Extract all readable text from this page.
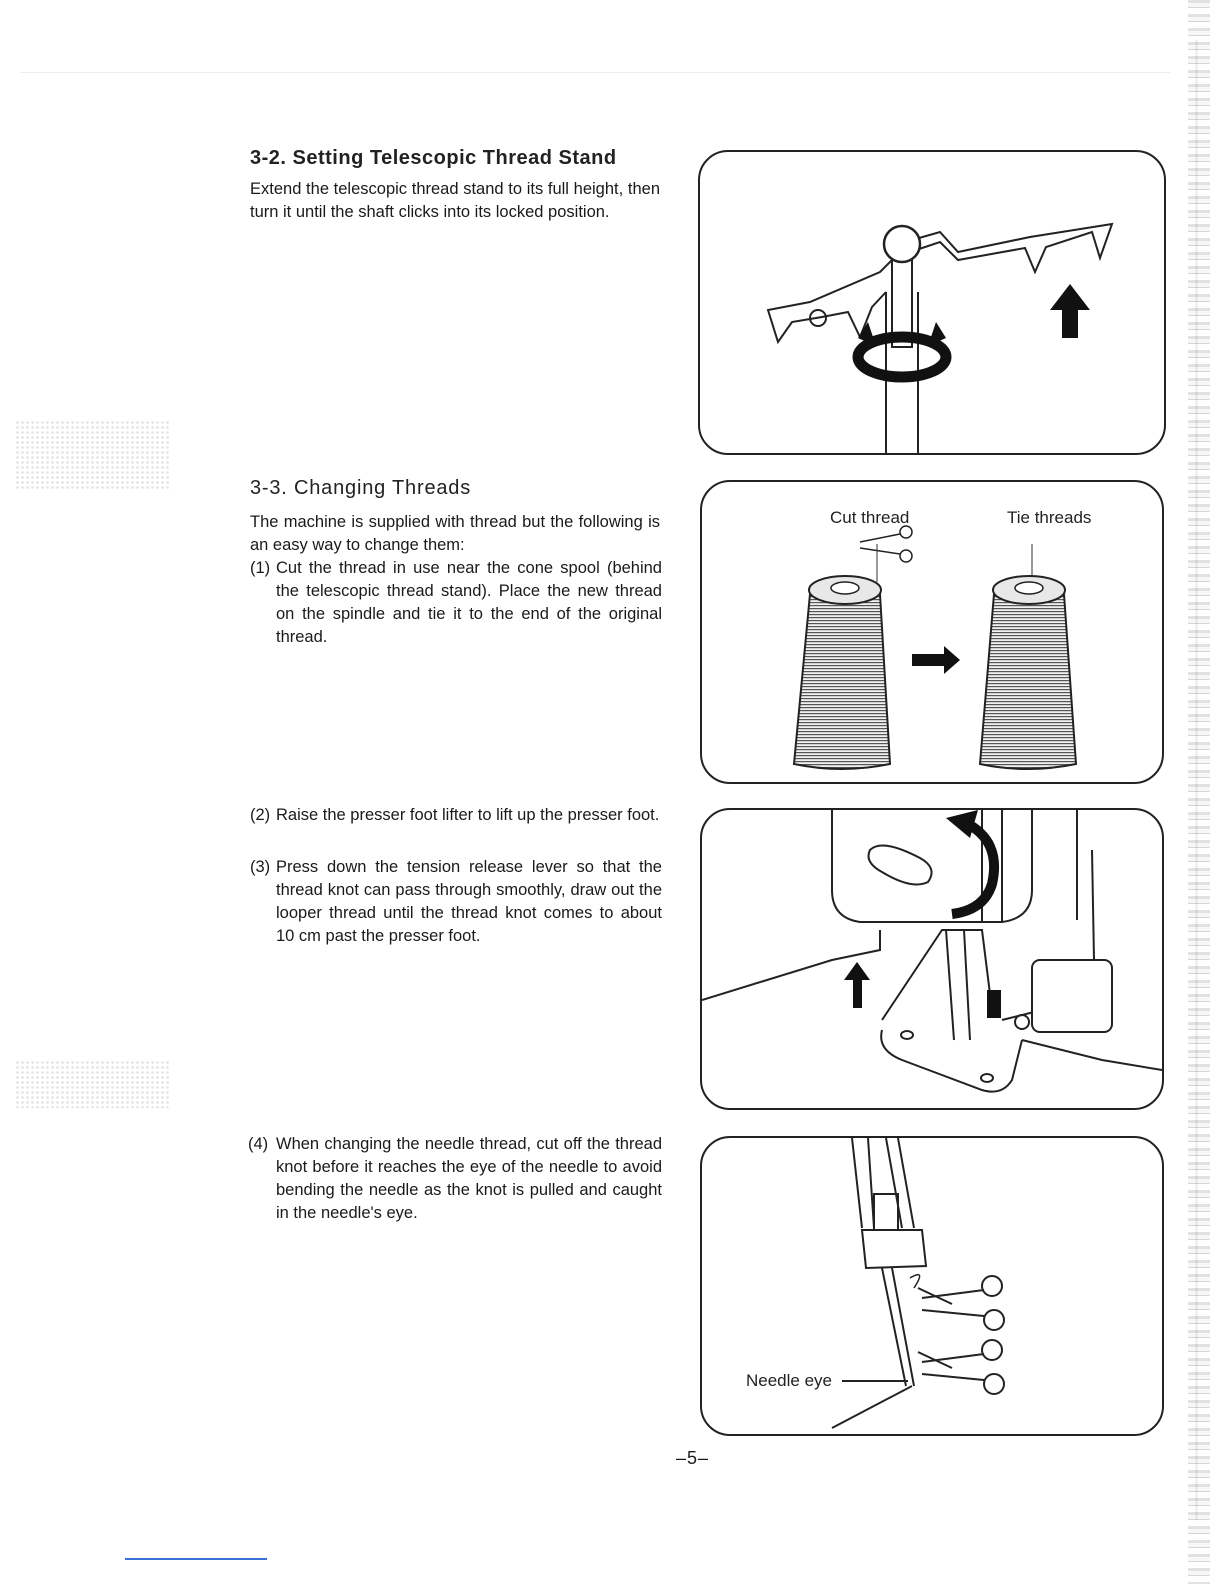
3-2. Setting Telescopic Thread Stand

Extend the telescopic thread stand to its full height, then turn it until the shaft clicks into its locked position.

3-3. Changing Threads

The machine is supplied with thread but the following is an easy way to change them:

(1) Cut the thread in use near the cone spool (behind the telescopic thread stand). Place the new thread on the spindle and tie it to the end of the original thread.
(2) Raise the presser foot lifter to lift up the presser foot.
(3) Press down the tension release lever so that the thread knot can pass through smoothly, draw out the looper thread until the thread knot comes to about 10 cm past the presser foot.
(4) When changing the needle thread, cut off the thread knot before it reaches the eye of the needle to avoid bending the needle as the knot is pulled and caught in the needle's eye.
Cut thread	Tie threads
Needle eye
–5–
